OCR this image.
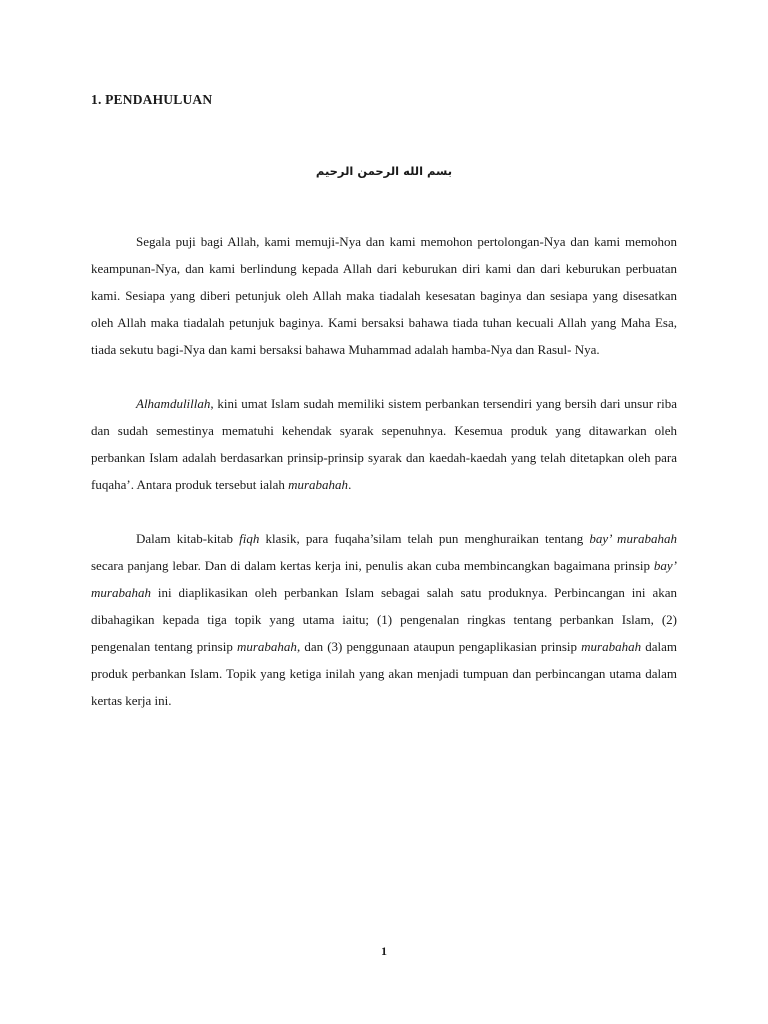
1. PENDAHULUAN
بسم الله الرحمن الرحيم

Segala puji bagi Allah, kami memuji-Nya dan kami memohon pertolongan-Nya dan kami memohon keampunan-Nya, dan kami berlindung kepada Allah dari keburukan diri kami dan dari keburukan perbuatan kami. Sesiapa yang diberi petunjuk oleh Allah maka tiadalah kesesatan baginya dan sesiapa yang disesatkan oleh Allah maka tiadalah petunjuk baginya. Kami bersaksi bahawa tiada tuhan kecuali Allah yang Maha Esa, tiada sekutu bagi-Nya dan kami bersaksi bahawa Muhammad adalah hamba-Nya dan Rasul- Nya.

Alhamdulillah, kini umat Islam sudah memiliki sistem perbankan tersendiri yang bersih dari unsur riba dan sudah semestinya mematuhi kehendak syarak sepenuhnya. Kesemua produk yang ditawarkan oleh perbankan Islam adalah berdasarkan prinsip-prinsip syarak dan kaedah-kaedah yang telah ditetapkan oleh para fuqaha’. Antara produk tersebut ialah murabahah.

Dalam kitab-kitab fiqh klasik, para fuqaha’silam telah pun menghuraikan tentang bay’ murabahah secara panjang lebar. Dan di dalam kertas kerja ini, penulis akan cuba membincangkan bagaimana prinsip bay’ murabahah ini diaplikasikan oleh perbankan Islam sebagai salah satu produknya. Perbincangan ini akan dibahagikan kepada tiga topik yang utama iaitu; (1) pengenalan ringkas tentang perbankan Islam, (2) pengenalan tentang prinsip murabahah, dan (3) penggunaan ataupun pengaplikasian prinsip murabahah dalam produk perbankan Islam. Topik yang ketiga inilah yang akan menjadi tumpuan dan perbincangan utama dalam kertas kerja ini.

1
